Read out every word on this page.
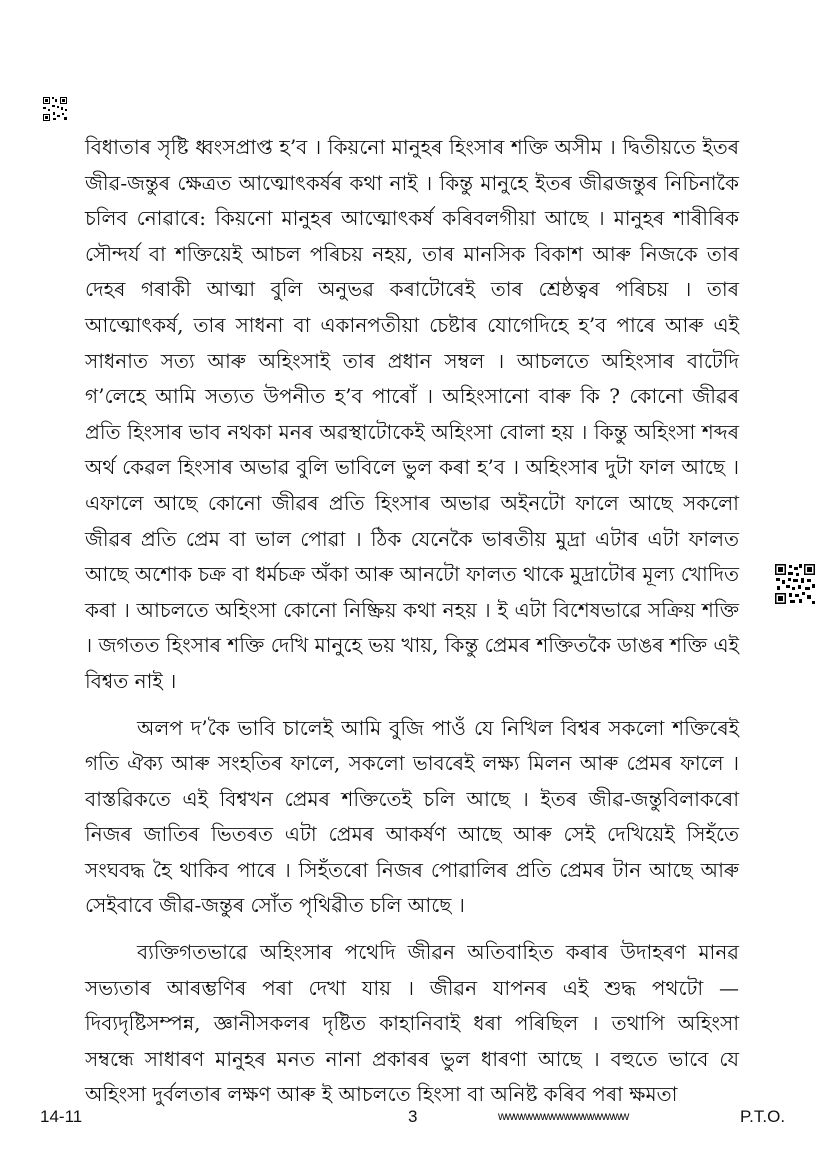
বিধাতাৰ সৃষ্টি ধ্বংসপ্ৰাপ্ত হ’ব । কিয়নো মানুহৰ হিংসাৰ শক্তি অসীম । দ্বিতীয়তে ইতৰ জীৱ-জন্তুৰ ক্ষেত্ৰত আত্মোৎকৰ্ষৰ কথা নাই । কিন্তু মানুহে ইতৰ জীৱজন্তুৰ নিচিনাকৈ চলিব নোৱাৰে: কিয়নো মানুহৰ আত্মোৎকৰ্ষ কৰিবলগীয়া আছে । মানুহৰ শাৰীৰিক সৌন্দৰ্য বা শক্তিয়েই আচল পৰিচয় নহয়, তাৰ মানসিক বিকাশ আৰু নিজকে তাৰ দেহৰ গৰাকী আত্মা বুলি অনুভৱ কৰাটোৰেই তাৰ শ্ৰেষ্ঠত্বৰ পৰিচয় । তাৰ আত্মোৎকৰ্ষ, তাৰ সাধনা বা একানপতীয়া চেষ্টাৰ যোগেদিহে হ’ব পাৰে আৰু এই সাধনাত সত্য আৰু অহিংসাই তাৰ প্ৰধান সম্বল । আচলতে অহিংসাৰ বাটেদি গ’লেহে আমি সত্যত উপনীত হ’ব পাৰোঁ । অহিংসানো বাৰু কি ? কোনো জীৱৰ প্ৰতি হিংসাৰ ভাব নথকা মনৰ অৱস্থাটোকেই অহিংসা বোলা হয় । কিন্তু অহিংসা শব্দৰ অৰ্থ কেৱল হিংসাৰ অভাৱ বুলি ভাবিলে ভুল কৰা হ’ব । অহিংসাৰ দুটা ফাল আছে । এফালে আছে কোনো জীৱৰ প্ৰতি হিংসাৰ অভাৱ অইনটো ফালে আছে সকলো জীৱৰ প্ৰতি প্ৰেম বা ভাল পোৱা । ঠিক যেনেকৈ ভাৰতীয় মুদ্ৰা এটাৰ এটা ফালত আছে অশোক চক্ৰ বা ধৰ্মচক্ৰ অঁকা আৰু আনটো ফালত থাকে মুদ্ৰাটোৰ মূল্য খোদিত কৰা । আচলতে অহিংসা কোনো নিষ্ক্ৰিয় কথা নহয় । ই এটা বিশেষভাৱে সক্ৰিয় শক্তি । জগতত হিংসাৰ শক্তি দেখি মানুহে ভয় খায়, কিন্তু প্ৰেমৰ শক্তিতকৈ ডাঙৰ শক্তি এই বিশ্বত নাই ।

অলপ দ’কৈ ভাবি চালেই আমি বুজি পাওঁ যে নিখিল বিশ্বৰ সকলো শক্তিৰেই গতি ঐক্য আৰু সংহতিৰ ফালে, সকলো ভাবৰেই লক্ষ্য মিলন আৰু প্ৰেমৰ ফালে । বাস্তৱিকতে এই বিশ্বখন প্ৰেমৰ শক্তিতেই চলি আছে । ইতৰ জীৱ-জন্তুবিলাকৰো নিজৰ জাতিৰ ভিতৰত এটা প্ৰেমৰ আকৰ্ষণ আছে আৰু সেই দেখিয়েই সিহঁতে সংঘবদ্ধ হৈ থাকিব পাৰে । সিহঁতৰো নিজৰ পোৱালিৰ প্ৰতি প্ৰেমৰ টান আছে আৰু সেইবাবে জীৱ-জন্তুৰ সোঁত পৃথিৱীত চলি আছে ।

ব্যক্তিগতভাৱে অহিংসাৰ পথেদি জীৱন অতিবাহিত কৰাৰ উদাহৰণ মানৱ সভ্যতাৰ আৰম্ভণিৰ পৰা দেখা যায় । জীৱন যাপনৰ এই শুদ্ধ পথটো — দিব্যদৃষ্টিসম্পন্ন, জ্ঞানীসকলৰ দৃষ্টিত কাহানিবাই ধৰা পৰিছিল । তথাপি অহিংসা সম্বন্ধে সাধাৰণ মানুহৰ মনত নানা প্ৰকাৰৰ ভুল ধাৰণা আছে । বহুতে ভাবে যে অহিংসা দুৰ্বলতাৰ লক্ষণ আৰু ই আচলতে হিংসা বা অনিষ্ট কৰিব পৰা ক্ষমতা

14-11	3	wwwwwwwwwwwwwwwww	P.T.O.
